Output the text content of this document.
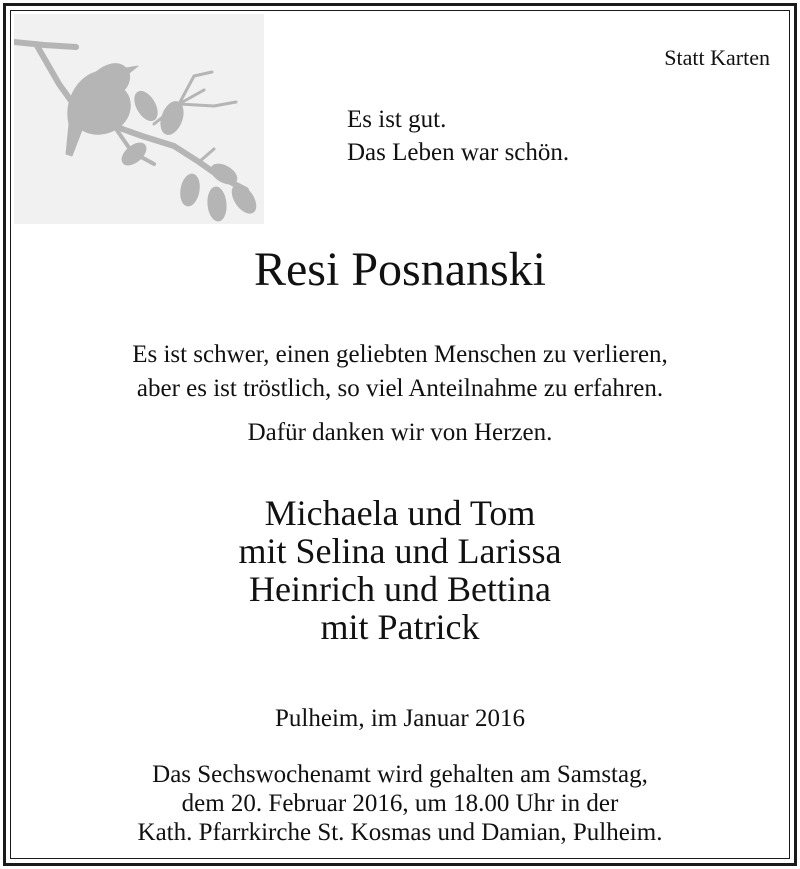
Statt Karten
Es ist gut.
Das Leben war schön.
Resi Posnanski
Es ist schwer, einen geliebten Menschen zu verlieren,
aber es ist tröstlich, so viel Anteilnahme zu erfahren.
Dafür danken wir von Herzen.
Michaela und Tom
mit Selina und Larissa
Heinrich und Bettina
mit Patrick
Pulheim, im Januar 2016
Das Sechswochenamt wird gehalten am Samstag,
dem 20. Februar 2016, um 18.00 Uhr in der
Kath. Pfarrkirche St. Kosmas und Damian, Pulheim.
